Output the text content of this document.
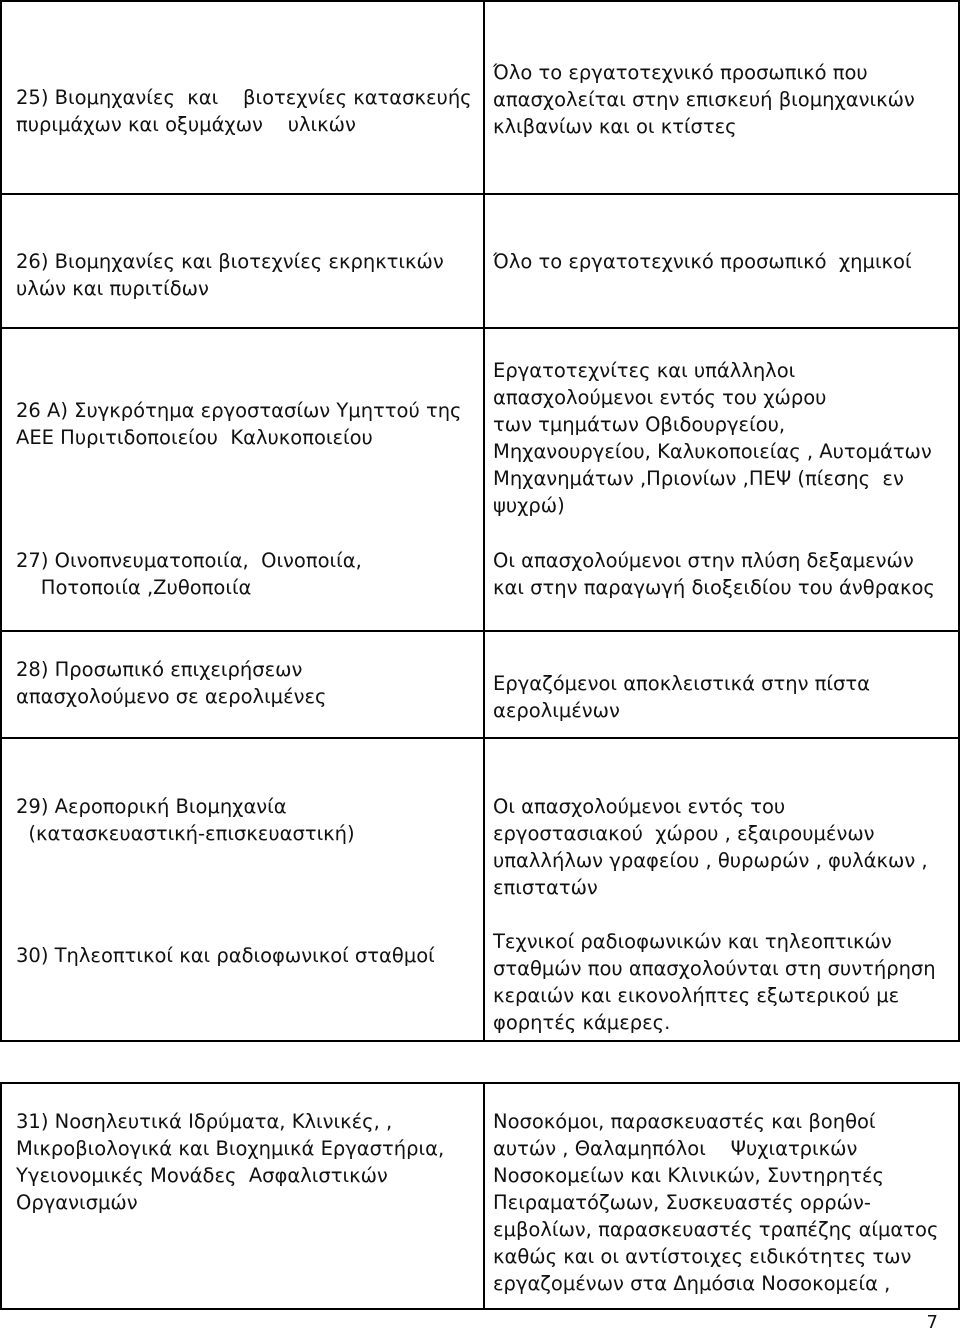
25) Βιομηχανίες  και    βιοτεχνίες κατασκευής
πυριμάχων και οξυμάχων    υλικών
Όλο το εργατοτεχνικό προσωπικό που
απασχολείται στην επισκευή βιομηχανικών
κλιβανίων και οι κτίστες
26) Βιομηχανίες και βιοτεχνίες εκρηκτικών
υλών και πυριτίδων
Όλο το εργατοτεχνικό προσωπικό  χημικοί
26 Α) Συγκρότημα εργοστασίων Υμηττού της
ΑΕΕ Πυριτιδοποιείου  Καλυκοποιείου
Εργατοτεχνίτες και υπάλληλοι
απασχολούμενοι εντός του χώρου
των τμημάτων Οβιδουργείου,
Μηχανουργείου, Καλυκοποιείας , Αυτομάτων
Μηχανημάτων ,Πριονίων ,ΠΕΨ (πίεσης  εν
ψυχρώ)
27) Οινοπνευματοποιία,  Οινοποιία,
Ποτοποιία ,Ζυθοποιία
Οι απασχολούμενοι στην πλύση δεξαμενών
και στην παραγωγή διοξειδίου του άνθρακος
28) Προσωπικό επιχειρήσεων
απασχολούμενο σε αερολιμένες
Εργαζόμενοι αποκλειστικά στην πίστα
αερολιμένων
29) Αεροπορική Βιομηχανία
(κατασκευαστική-επισκευαστική)
Οι απασχολούμενοι εντός του
εργοστασιακού  χώρου , εξαιρουμένων
υπαλλήλων γραφείου , θυρωρών , φυλάκων ,
επιστατών
30) Τηλεοπτικοί και ραδιοφωνικοί σταθμοί
Τεχνικοί ραδιοφωνικών και τηλεοπτικών
σταθμών που απασχολούνται στη συντήρηση
κεραιών και εικονολήπτες εξωτερικού με
φορητές κάμερες.
31) Νοσηλευτικά Ιδρύματα, Κλινικές, ,
Μικροβιολογικά και Βιοχημικά Εργαστήρια,
Υγειονομικές Μονάδες  Ασφαλιστικών
Οργανισμών
Νοσοκόμοι, παρασκευαστές και βοηθοί
αυτών , Θαλαμηπόλοι    Ψυχιατρικών
Νοσοκομείων και Κλινικών, Συντηρητές
Πειραματόζωων, Συσκευαστές ορρών-
εμβολίων, παρασκευαστές τραπέζης αίματος
καθώς και οι αντίστοιχες ειδικότητες των
εργαζομένων στα Δημόσια Νοσοκομεία ,
7
